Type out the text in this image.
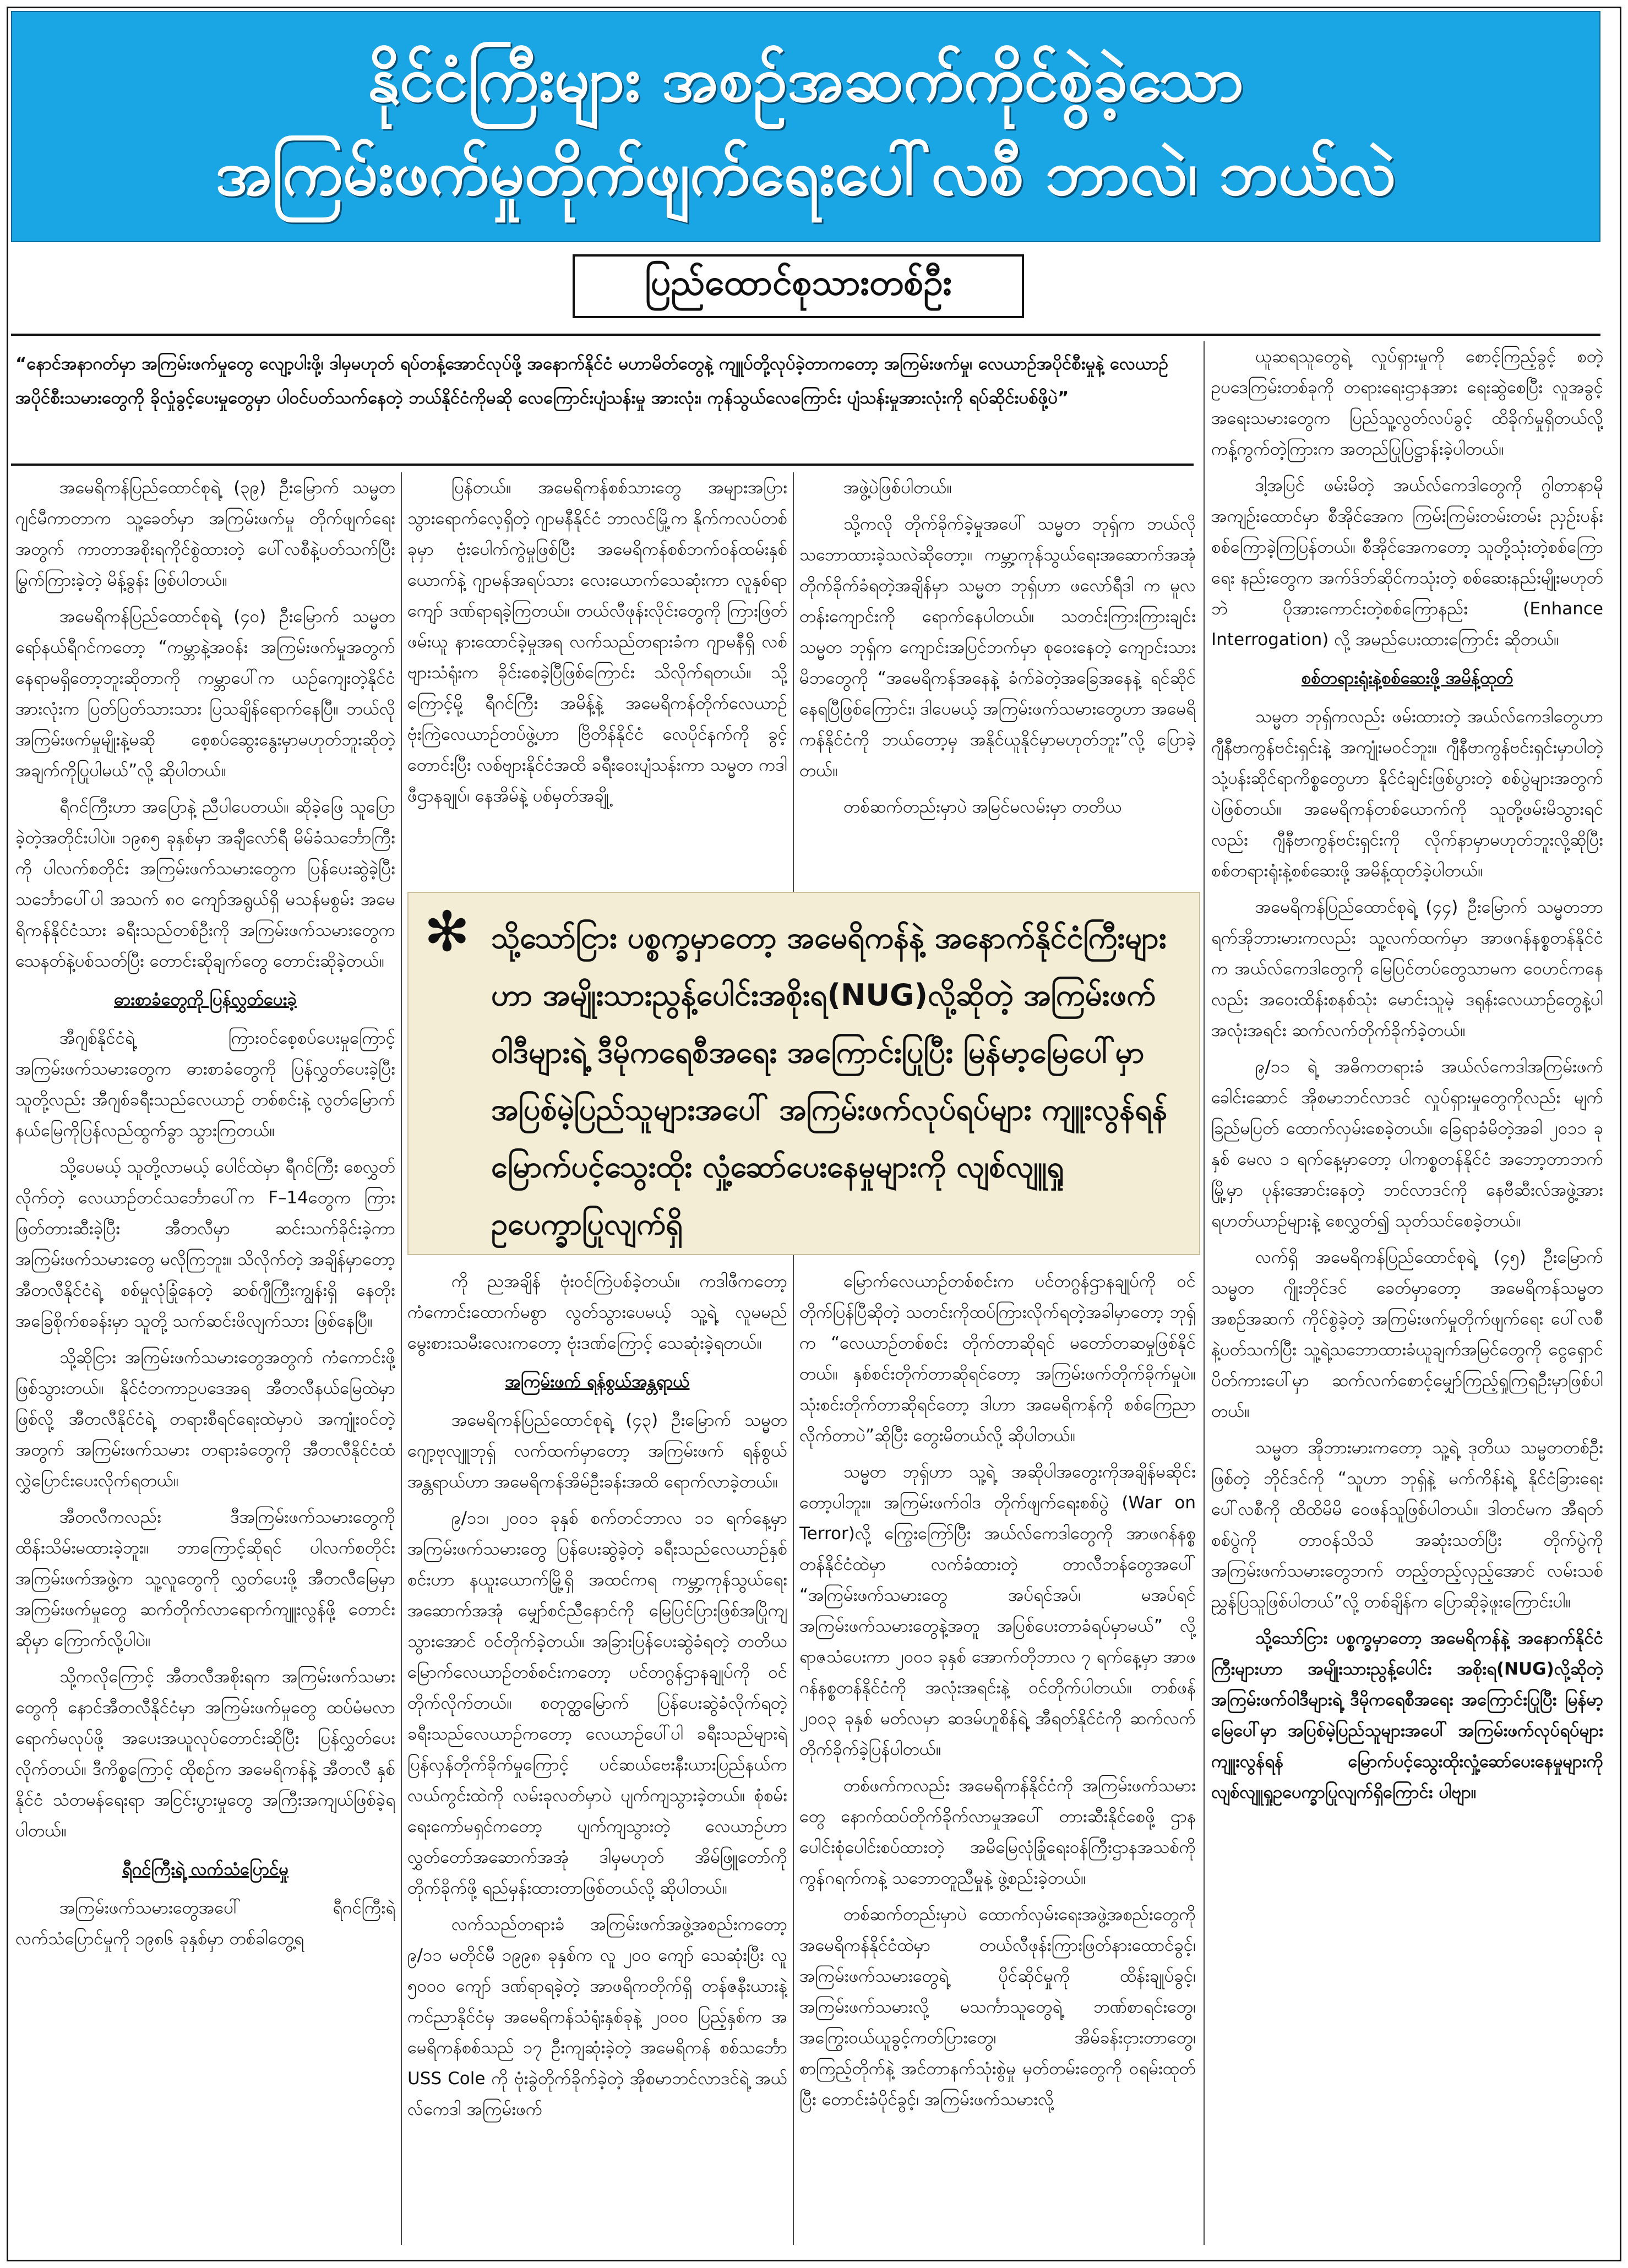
နိုင်ငံကြီးများ အစဉ်အဆက်ကိုင်စွဲခဲ့သော
အကြမ်းဖက်မှုတိုက်ဖျက်ရေးပေါ်လစီ ဘာလဲ၊ ဘယ်လဲ
ပြည်ထောင်စုသားတစ်ဦး
“နောင်အနာဂတ်မှာ အကြမ်းဖက်မှုတွေ လျော့ပါးဖို့၊ ဒါမှမဟုတ် ရပ်တန့်အောင်လုပ်ဖို့ အနောက်နိုင်ငံ မဟာမိတ်တွေနဲ့ ကျူပ်တို့လုပ်ခဲ့တာကတော့ အကြမ်းဖက်မှု၊ လေယာဉ်အပိုင်စီးမှုနဲ့ လေယာဉ်အပိုင်စီးသမားတွေကို ခိုလှုံခွင့်ပေးမှုတွေမှာ ပါဝင်ပတ်သက်နေတဲ့ ဘယ်နိုင်ငံကိုမဆို လေကြောင်းပျံသန်းမှု အားလုံး၊ ကုန်သွယ်လေကြောင်း ပျံသန်းမှုအားလုံးကို ရပ်ဆိုင်းပစ်ဖို့ပဲ”

အမေရိကန်ပြည်ထောင်စုရဲ့ (၃၉) ဦးမြောက် သမ္မတ ဂျင်မီကာတာက သူ့ခေတ်မှာ အကြမ်းဖက်မှု တိုက်ဖျက်ရေးအတွက် ကာတာအစိုးရကိုင်စွဲထားတဲ့ ပေါ်လစီနဲ့ပတ်သက်ပြီး မြွက်ကြားခဲ့တဲ့ မိန့်ခွန်း ဖြစ်ပါတယ်။

အမေရိကန်ပြည်ထောင်စုရဲ့ (၄၀) ဦးမြောက် သမ္မတ ရော်နယ်ရီဂင်ကတော့ “ကမ္ဘာနဲ့အဝန်း အကြမ်းဖက်မှုအတွက် နေရာမရှိတော့ဘူးဆိုတာကို ကမ္ဘာပေါ်က ယဉ်ကျေးတဲ့နိုင်ငံအားလုံးက ပြတ်ပြတ်သားသား ပြသချိန်ရောက်နေပြီ။ ဘယ်လို အကြမ်းဖက်မှုမျိုးနဲ့မဆို စေ့စပ်ဆွေးနွေးမှာမဟုတ်ဘူးဆိုတဲ့ အချက်ကိုပြုပါမယ်”လို့ ဆိုပါတယ်။

ရီဂင်ကြီးဟာ အပြောနဲ့ ညီပါပေတယ်။ ဆိုခဲ့ဖြေ သူပြောခဲ့တဲ့အတိုင်းပါပဲ။ ၁၉၈၅ ခုနှစ်မှာ အချီလော်ရီ မိမ်ခံသင်္ဘောကြီးကို ပါလက်စတိုင်း အကြမ်းဖက်သမားတွေက ပြန်ပေးဆွဲခဲ့ပြီး သင်္ဘောပေါ်ပါ အသက် ၈၀ ကျော်အရွယ်ရှိ မသန်မစွမ်း အမေရိကန်နိုင်ငံသား ခရီးသည်တစ်ဦးကို အကြမ်းဖက်သမားတွေက သေနတ်နဲ့ပစ်သတ်ပြီး တောင်းဆိုချက်တွေ တောင်းဆိုခဲ့တယ်။

ဓားစာခံတွေကို ပြန်လွှတ်ပေးခဲ့

အီဂျစ်နိုင်ငံရဲ့ ကြားဝင်စေ့စပ်ပေးမှုကြောင့် အကြမ်းဖက်သမားတွေက ဓားစာခံတွေကို ပြန်လွှတ်ပေးခဲ့ပြီး သူတို့လည်း အီဂျစ်ခရီးသည်လေယာဉ် တစ်စင်းနဲ့ လွတ်မြောက်နယ်မြေကိုပြန်လည်ထွက်ခွာ သွားကြတယ်။

သို့ပေမယ့် သူတို့လာမယ့် ပေါင်ထဲမှာ ရီဂင်ကြီး စေလွှတ်လိုက်တဲ့ လေယာဉ်တင်သင်္ဘောပေါ်က F–14တွေက ကြားဖြတ်တားဆီးခဲ့ပြီး အီတလီမှာ ဆင်းသက်ခိုင်းခဲ့ကာ အကြမ်းဖက်သမားတွေ မလိုကြဘူး။ သိလိုက်တဲ့ အချိန်မှာတော့ အီတလီနိုင်ငံရဲ့ စစ်မှုလုံခြုံနေတဲ့ ဆစ်ဂျီကြီးကျွန်းရှိ နေတိုးအခြေစိုက်စခန်းမှာ သူတို့ သက်ဆင်းဖိလျက်သား ဖြစ်နေပြီ။

သို့ဆိုငြား အကြမ်းဖက်သမားတွေအတွက် ကံကောင်းဖို့ ဖြစ်သွားတယ်။ နိုင်ငံတကာဥပဒေအရ အီတလီနယ်မြေထဲမှာဖြစ်လို့ အီတလီနိုင်ငံရဲ့ တရားစီရင်ရေးထဲမှာပဲ အကျုံးဝင်တဲ့အတွက် အကြမ်းဖက်သမား တရားခံတွေကို အီတလီနိုင်ငံထံ လွှဲပြောင်းပေးလိုက်ရတယ်။

အီတလီကလည်း ဒီအကြမ်းဖက်သမားတွေကို ထိန်းသိမ်းမထားခဲ့ဘူး။ ဘာကြောင့်ဆိုရင် ပါလက်စတိုင်းအကြမ်းဖက်အဖွဲ့က သူ့လူတွေကို လွှတ်ပေးဖို့ အီတလီမြေမှာ အကြမ်းဖက်မှုတွေ ဆက်တိုက်လာရောက်ကျူးလွန်ဖို့ တောင်းဆိုမှာ ကြောက်လို့ပါပဲ။

သို့ကလိုကြောင့် အီတလီအစိုးရက အကြမ်းဖက်သမားတွေကို နောင်အီတလီနိုင်ငံမှာ အကြမ်းဖက်မှုတွေ ထပ်မံမလာရောက်မလုပ်ဖို့ အပေးအယူလုပ်တောင်းဆိုပြီး ပြန်လွှတ်ပေးလိုက်တယ်။ ဒီကိစ္စကြောင့် ထိုစဉ်က အမေရိကန်နဲ့ အီတလီ နှစ်နိုင်ငံ သံတမန်ရေးရာ အငြင်းပွားမှုတွေ အကြီးအကျယ်ဖြစ်ခဲ့ရပါတယ်။

ရီဂင်ကြီးရဲ့ လက်သံပြောင်မှု

အကြမ်းဖက်သမားတွေအပေါ် ရီဂင်ကြီးရဲ့ လက်သံပြောင်မှုကို ၁၉၈၆ ခုနှစ်မှာ တစ်ခါတွေ့ရ

ပြန်တယ်။ အမေရိကန်စစ်သားတွေ အများအပြား သွားရောက်လေ့ရှိတဲ့ ဂျာမနီနိုင်ငံ ဘာလင်မြို့က နိုက်ကလပ်တစ်ခုမှာ ဗုံးပေါက်ကွဲမှုဖြစ်ပြီး အမေရိကန်စစ်ဘက်ဝန်ထမ်းနှစ်ယောက်နဲ့ ဂျာမန်အရပ်သား လေးယောက်သေဆုံးကာ လူနှစ်ရာကျော် ဒဏ်ရာရခဲ့ကြတယ်။ တယ်လီဖုန်းလိုင်းတွေကို ကြားဖြတ်ဖမ်းယူ နားထောင်ခဲ့မှုအရ လက်သည်တရားခံက ဂျာမနီရှိ လစ်ဗျားသံရုံးက ခိုင်းစေခဲ့ပြီဖြစ်ကြောင်း သိလိုက်ရတယ်။ သို့ကြောင့်မို့ ရီဂင်ကြီး အမိန့်နဲ့ အမေရိကန်တိုက်လေယာဉ် ဗုံးကြဲလေယာဉ်တပ်ဖွဲ့ဟာ ဗြိတိန်နိုင်ငံ လေပိုင်နက်ကို ခွင့်တောင်းပြီး လစ်ဗျားနိုင်ငံအထိ ခရီးဝေးပျံသန်းကာ သမ္မတ ကဒါဖီဌာနချုပ်၊ နေအိမ်နဲ့ ပစ်မှတ်အချို့

ကို ညအချိန် ဗုံးဝင်ကြဲပစ်ခဲ့တယ်။ ကဒါဖီကတော့ ကံကောင်းထောက်မစွာ လွတ်သွားပေမယ့် သူ့ရဲ့ လူမမည် မွေးစားသမီးလေးကတော့ ဗုံးဒဏ်ကြောင့် သေဆုံးခဲ့ရတယ်။

အကြမ်းဖက် ရန်စွယ်အန္တရာယ်

အမေရိကန်ပြည်ထောင်စုရဲ့ (၄၃) ဦးမြောက် သမ္မတ ဂျော့ဗုလျူဘုရှ် လက်ထက်မှာတော့ အကြမ်းဖက် ရန်စွယ်အန္တရာယ်ဟာ အမေရိကန်အိမ်ဦးခန်းအထိ ရောက်လာခဲ့တယ်။

၉/၁၁၊ ၂၀၀၁ ခုနှစ် စက်တင်ဘာလ ၁၁ ရက်နေ့မှာ အကြမ်းဖက်သမားတွေ ပြန်ပေးဆွဲခဲ့တဲ့ ခရီးသည်လေယာဉ်နှစ်စင်းဟာ နယူးယောက်မြို့ရှိ အထင်ကရ ကမ္ဘာ့ကုန်သွယ်ရေးအဆောက်အအုံ မျှော်စင်ညီနောင်ကို မြေပြင်ပြားဖြစ်အပြိုကျသွားအောင် ဝင်တိုက်ခဲ့တယ်။ အခြားပြန်ပေးဆွဲခံရတဲ့ တတိယမြောက်လေယာဉ်တစ်စင်းကတော့ ပင်တဂွန်ဌာနချုပ်ကို ဝင်တိုက်လိုက်တယ်။ စတုတ္ထမြောက် ပြန်ပေးဆွဲခံလိုက်ရတဲ့ ခရီးသည်လေယာဉ်ကတော့ လေယာဉ်ပေါ်ပါ ခရီးသည်များရဲ့ ပြန်လှန်တိုက်ခိုက်မှုကြောင့် ပင်ဆယ်ဗေးနီးယားပြည်နယ်က လယ်ကွင်းထဲကို လမ်းခုလတ်မှာပဲ ပျက်ကျသွားခဲ့တယ်။ စုံစမ်းရေးကော်မရှင်ကတော့ ပျက်ကျသွားတဲ့ လေယာဉ်ဟာ လွှတ်တော်အဆောက်အအုံ ဒါမှမဟုတ် အိမ်ဖြူတော်ကို တိုက်ခိုက်ဖို့ ရည်မှန်းထားတာဖြစ်တယ်လို့ ဆိုပါတယ်။

လက်သည်တရားခံ အကြမ်းဖက်အဖွဲ့အစည်းကတော့ ၉/၁၁ မတိုင်မီ ၁၉၉၈ ခုနှစ်က လူ ၂၀၀ ကျော် သေဆုံးပြီး လူ ၅၀၀၀ ကျော် ဒဏ်ရာရခဲ့တဲ့ အာဖရိကတိုက်ရှိ တန်ဇနီးယားနဲ့ ကင်ညာနိုင်ငံမှ အမေရိကန်သံရုံးနှစ်ခုနဲ့ ၂၀၀၀ ပြည့်နှစ်က အမေရိကန်စစ်သည် ၁၇ ဦးကျဆုံးခဲ့တဲ့ အမေရိကန် စစ်သင်္ဘော USS Cole ကို ဗုံးခွဲတိုက်ခိုက်ခဲ့တဲ့ အိုစမာဘင်လာဒင်ရဲ့ အယ်လ်ကေဒါ အကြမ်းဖက်

အဖွဲ့ပဲဖြစ်ပါတယ်။

သို့ကလို တိုက်ခိုက်ခဲ့မှုအပေါ် သမ္မတ ဘုရှ်က ဘယ်လိုသဘောထားခဲ့သလဲဆိုတော့။ ကမ္ဘာ့ကုန်သွယ်ရေးအဆောက်အအုံ တိုက်ခိုက်ခံရတဲ့အချိန်မှာ သမ္မတ ဘုရှ်ဟာ ဖလော်ရီဒါ က မူလတန်းကျောင်းကို ရောက်နေပါတယ်။ သတင်းကြားကြားချင်း သမ္မတ ဘုရှ်က ကျောင်းအပြင်ဘက်မှာ စုဝေးနေတဲ့ ကျောင်းသားမိဘတွေကို “အမေရိကန်အနေနဲ့ ခံက်ခဲတဲ့အခြေအနေနဲ့ ရင်ဆိုင်နေရပြီဖြစ်ကြောင်း၊ ဒါပေမယ့် အကြမ်းဖက်သမားတွေဟာ အမေရိကန်နိုင်ငံကို ဘယ်တော့မှ အနိုင်ယူနိုင်မှာမဟုတ်ဘူး”လို့ ပြောခဲ့တယ်။

တစ်ဆက်တည်းမှာပဲ အမြင်မလမ်းမှာ တတိယ

မြောက်လေယာဉ်တစ်စင်းက ပင်တဂွန်ဌာနချုပ်ကို ဝင်တိုက်ပြန်ပြီဆိုတဲ့ သတင်းကိုထပ်ကြားလိုက်ရတဲ့အခါမှာတော့ ဘုရှ်က “လေယာဉ်တစ်စင်း တိုက်တာဆိုရင် မတော်တဆမှုဖြစ်နိုင်တယ်။ နှစ်စင်းတိုက်တာဆိုရင်တော့ အကြမ်းဖက်တိုက်ခိုက်မှုပဲ။ သုံးစင်းတိုက်တာဆိုရင်တော့ ဒါဟာ အမေရိကန်ကို စစ်ကြေညာလိုက်တာပဲ”ဆိုပြီး တွေးမိတယ်လို့ ဆိုပါတယ်။

သမ္မတ ဘုရှ်ဟာ သူ့ရဲ့ အဆိုပါအတွေးကိုအချိန်မဆိုင်းတော့ပါဘူး။ အကြမ်းဖက်ဝါဒ တိုက်ဖျက်ရေးစစ်ပွဲ (War on Terror)လို့ ကြွေးကြော်ပြီး အယ်လ်ကေဒါတွေကို အာဖဂန်နစ္စတန်နိုင်ငံထဲမှာ လက်ခံထားတဲ့ တာလီဘန်တွေအပေါ် “အကြမ်းဖက်သမားတွေ အပ်ရင်အပ်၊ မအပ်ရင် အကြမ်းဖက်သမားတွေနဲ့အတူ အပြစ်ပေးတာခံရပ်မှာမယ်” လို့ ရာဇသံပေးကာ ၂၀၀၁ ခုနှစ် အောက်တိုဘာလ ၇ ရက်နေ့မှာ အာဖဂန်နစ္စတန်နိုင်ငံကို အလုံးအရင်းနဲ့ ဝင်တိုက်ပါတယ်။ တစ်ဖန် ၂၀၀၃ ခုနှစ် မတ်လမှာ ဆဒမ်ဟူစိန်ရဲ့ အီရတ်နိုင်ငံကို ဆက်လက်တိုက်ခိုက်ခဲ့ပြန်ပါတယ်။

တစ်ဖက်ကလည်း အမေရိကန်နိုင်ငံကို အကြမ်းဖက်သမားတွေ နောက်ထပ်တိုက်ခိုက်လာမှုအပေါ် တားဆီးနိုင်စေဖို့ ဌာနပေါင်းစုံပေါင်းစပ်ထားတဲ့ အမိမြေလုံခြုံရေးဝန်ကြီးဌာနအသစ်ကို ကွန်ဂရက်ကနဲ့ သဘောတူညီမှုနဲ့ ဖွဲ့စည်းခဲ့တယ်။

တစ်ဆက်တည်းမှာပဲ ထောက်လှမ်းရေးအဖွဲ့အစည်းတွေကို အမေရိကန်နိုင်ငံထဲမှာ တယ်လီဖုန်းကြားဖြတ်နားထောင်ခွင့်၊ အကြမ်းဖက်သမားတွေရဲ့ ပိုင်ဆိုင်မှုကို ထိန်းချုပ်ခွင့်၊ အကြမ်းဖက်သမားလို့ မသင်္ကာသူတွေရဲ့ ဘဏ်စာရင်းတွေ၊ အကြွေးဝယ်ယူခွင့်ကတ်ပြားတွေ၊ အိမ်ခန်းငှားတာတွေ၊ စာကြည့်တိုက်နဲ့ အင်တာနက်သုံးစွဲမှု မှတ်တမ်းတွေကို ဝရမ်းထုတ်ပြီး တောင်းခံပိုင်ခွင့်၊ အကြမ်းဖက်သမားလို့

ယူဆရသူတွေရဲ့ လှုပ်ရှားမှုကို စောင့်ကြည့်ခွင့် စတဲ့ ဥပဒေကြမ်းတစ်ခုကို တရားရေးဌာနအား ရေးဆွဲစေပြီး လူအခွင့်အရေးသမားတွေက ပြည်သူ့လွတ်လပ်ခွင့် ထိခိုက်မှုရှိတယ်လို့ ကန့်ကွက်တဲ့ကြားက အတည်ပြုပြဋ္ဌာန်းခဲ့ပါတယ်။

ဒါ့အပြင် ဖမ်းမိတဲ့ အယ်လ်ကေဒါတွေကို ဂွါတာနာမိုအကျဉ်းထောင်မှာ စီအိုင်အေက ကြမ်းကြမ်းတမ်းတမ်း ညှဉ်းပန်းစစ်ကြောခဲ့ကြပြန်တယ်။ စီအိုင်အေကတော့ သူတို့သုံးတဲ့စစ်ကြောရေး နည်းတွေက အက်ဒ်ဘ်ဆိုင်ကသုံးတဲ့ စစ်ဆေးနည်းမျိုးမဟုတ်ဘဲ ပိုအားကောင်းတဲ့စစ်ကြောနည်း (Enhance Interrogation) လို့ အမည်ပေးထားကြောင်း ဆိုတယ်။

စစ်တရားရုံးနဲ့စစ်ဆေးဖို့ အမိန့်ထုတ်

သမ္မတ ဘုရှ်ကလည်း ဖမ်းထားတဲ့ အယ်လ်ကေဒါတွေဟာ ဂျီနီဗာကွန်ဗင်းရှင်းနဲ့ အကျုံးမဝင်ဘူး။ ဂျီနီဗာကွန်ဗင်းရှင်းမှာပါတဲ့ သုံ့ပန်းဆိုင်ရာကိစ္စတွေဟာ နိုင်ငံချင်းဖြစ်ပွားတဲ့ စစ်ပွဲများအတွက်ပဲဖြစ်တယ်။ အမေရိကန်တစ်ယောက်ကို သူတို့ဖမ်းမိသွားရင်လည်း ဂျီနီဗာကွန်ဗင်းရှင်းကို လိုက်နာမှာမဟုတ်ဘူးလို့ဆိုပြီး စစ်တရားရုံးနဲ့စစ်ဆေးဖို့ အမိန့်ထုတ်ခဲ့ပါတယ်။

အမေရိကန်ပြည်ထောင်စုရဲ့ (၄၄) ဦးမြောက် သမ္မတဘာရက်အိုဘားမားကလည်း သူ့လက်ထက်မှာ အာဖဂန်နစ္စတန်နိုင်ငံက အယ်လ်ကေဒါတွေကို မြေပြင်တပ်တွေသာမက ဝေဟင်ကနေလည်း အဝေးထိန်းစနစ်သုံး မောင်းသူမဲ့ ဒရုန်းလေယာဉ်တွေနဲ့ပါ အလုံးအရင်း ဆက်လက်တိုက်ခိုက်ခဲ့တယ်။

၉/၁၁ ရဲ့ အဓိကတရားခံ အယ်လ်ကေဒါအကြမ်းဖက်ခေါင်းဆောင် အိုစမာဘင်လာဒင် လှုပ်ရှားမှုတွေကိုလည်း မျက်ခြည်မပြတ် ထောက်လှမ်းစေခဲ့တယ်။ ခြေရာခံမိတဲ့အခါ ၂၀၁၁ ခုနှစ် မေလ ၁ ရက်နေ့မှာတော့ ပါကစ္စတန်နိုင်ငံ အဘော့တာဘက်မြို့မှာ ပုန်းအောင်းနေတဲ့ ဘင်လာဒင်ကို နေဗီဆီးလ်အဖွဲ့အား ရဟတ်ယာဉ်များနဲ့ စေလွှတ်၍ သုတ်သင်စေခဲ့တယ်။

လက်ရှိ အမေရိကန်ပြည်ထောင်စုရဲ့ (၄၅) ဦးမြောက် သမ္မတ ဂျိုးဘိုင်ဒင် ခေတ်မှာတော့ အမေရိကန်သမ္မတအစဉ်အဆက် ကိုင်စွဲခဲ့တဲ့ အကြမ်းဖက်မှုတိုက်ဖျက်ရေး ပေါ်လစီနဲ့ပတ်သက်ပြီး သူ့ရဲ့သဘောထားခံယူချက်အမြင်တွေကို ငွေရှောင်ပိတ်ကားပေါ်မှာ ဆက်လက်စောင့်မျှော်ကြည့်ရှုကြရဦးမှာဖြစ်ပါတယ်။

သမ္မတ အိုဘားမားကတော့ သူ့ရဲ့ ဒုတိယ သမ္မတတစ်ဦးဖြစ်တဲ့ ဘိုင်ဒင်ကို “သူဟာ ဘုရှ်နဲ့ မက်ကိန်းရဲ့ နိုင်ငံခြားရေးပေါ်လစီကို ထိထိမိမိ ဝေဖန်သူဖြစ်ပါတယ်။ ဒါတင်မက အီရတ်စစ်ပွဲကို တာဝန်သိသိ အဆုံးသတ်ပြီး တိုက်ပွဲကိုအကြမ်းဖက်သမားတွေဘက် တည့်တည့်လှည့်အောင် လမ်းသစ်ညွှန်ပြသူဖြစ်ပါတယ်”လို့ တစ်ချိန်က ပြောဆိုခဲ့ဖူးကြောင်းပါ။

သို့သော်ငြား ပစ္စက္ခမှာတော့ အမေရိကန်နဲ့ အနောက်နိုင်ငံကြီးများဟာ အမျိုးသားညွန့်ပေါင်း အစိုးရ(NUG)လို့ဆိုတဲ့ အကြမ်းဖက်ဝါဒီများရဲ့ ဒီမိုကရေစီအရေး အကြောင်းပြုပြီး မြန်မာ့မြေပေါ်မှာ အပြစ်မဲ့ပြည်သူများအပေါ် အကြမ်းဖက်လုပ်ရပ်များ ကျူးလွန်ရန် မြောက်ပင့်သွေးထိုးလှုံ့ဆော်ပေးနေမှုများကို လျစ်လျူရှုဥပေက္ခာပြုလျက်ရှိကြောင်း ပါဗျာ။

✻ သို့သော်ငြား ပစ္စက္ခမှာတော့ အမေရိကန်နဲ့ အနောက်နိုင်ငံကြီးများဟာ အမျိုးသားညွန့်ပေါင်းအစိုးရ(NUG)လို့ဆိုတဲ့ အကြမ်းဖက်ဝါဒီများရဲ့ ဒီမိုကရေစီအရေး အကြောင်းပြုပြီး မြန်မာ့မြေပေါ်မှာ အပြစ်မဲ့ပြည်သူများအပေါ် အကြမ်းဖက်လုပ်ရပ်များ ကျူးလွန်ရန် မြောက်ပင့်သွေးထိုး လှုံ့ဆော်ပေးနေမှုများကို လျစ်လျူရှု ဥပေက္ခာပြုလျက်ရှိ
